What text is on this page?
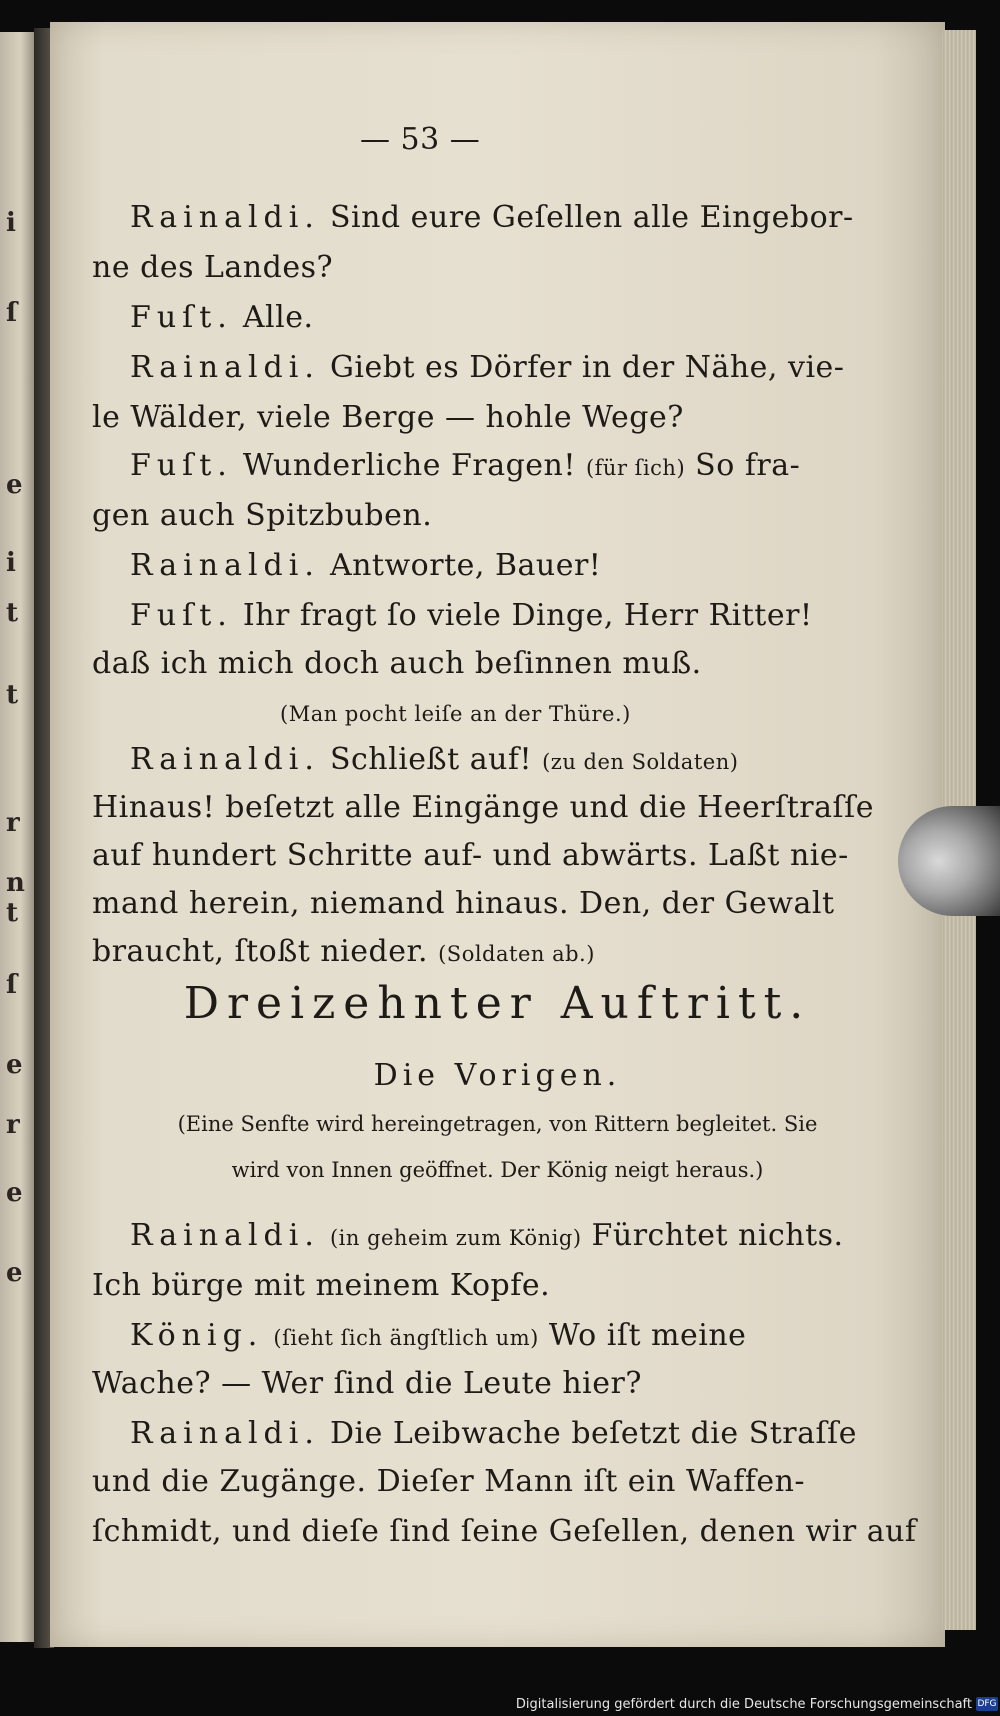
i
ſ
e
i
t
t
r
n
t
ſ
e
r
e
e
— 53 —
Rainaldi. Sind eure Geſellen alle Eingebor-
ne des Landes?
Fuſt. Alle.
Rainaldi. Giebt es Dörfer in der Nähe, vie-
le Wälder, viele Berge — hohle Wege?
Fuſt. Wunderliche Fragen! (für ſich) So fra-
gen auch Spitzbuben.
Rainaldi. Antworte, Bauer!
Fuſt. Ihr fragt ſo viele Dinge, Herr Ritter!
daß ich mich doch auch beſinnen muß.
(Man pocht leiſe an der Thüre.)
Rainaldi. Schließt auf! (zu den Soldaten)
Hinaus! beſetzt alle Eingänge und die Heerſtraſſe
auf hundert Schritte auf- und abwärts. Laßt nie-
mand herein, niemand hinaus. Den, der Gewalt
braucht, ſtoßt nieder. (Soldaten ab.)
Dreizehnter Auftritt.
Die Vorigen.
(Eine Senfte wird hereingetragen, von Rittern begleitet. Sie
wird von Innen geöffnet. Der König neigt heraus.)
Rainaldi. (in geheim zum König) Fürchtet nichts.
Ich bürge mit meinem Kopfe.
König. (ſieht ſich ängſtlich um) Wo iſt meine
Wache? — Wer ſind die Leute hier?
Rainaldi. Die Leibwache beſetzt die Straſſe
und die Zugänge. Dieſer Mann iſt ein Waffen-
ſchmidt, und dieſe ſind ſeine Geſellen, denen wir auf
Digitalisierung gefördert durch die Deutsche Forschungsgemeinschaft DFG
